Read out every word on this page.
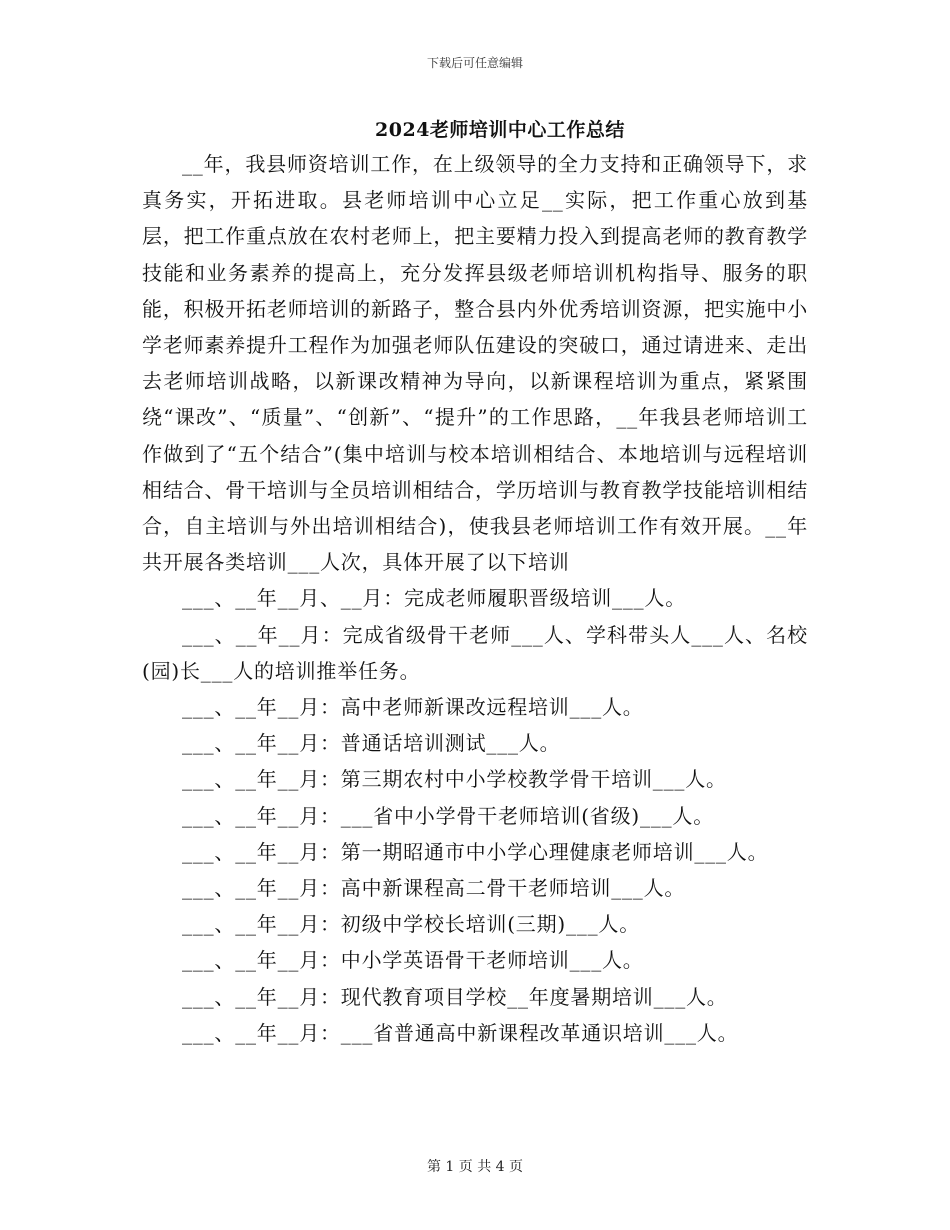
下载后可任意编辑
2024老师培训中心工作总结

__年，我县师资培训工作，在上级领导的全力支持和正确领导下，求真务实，开拓进取。县老师培训中心立足__实际，把工作重心放到基层，把工作重点放在农村老师上，把主要精力投入到提高老师的教育教学技能和业务素养的提高上，充分发挥县级老师培训机构指导、服务的职能，积极开拓老师培训的新路子，整合县内外优秀培训资源，把实施中小学老师素养提升工程作为加强老师队伍建设的突破口，通过请进来、走出去老师培训战略，以新课改精神为导向，以新课程培训为重点，紧紧围绕“课改”、“质量”、“创新”、“提升”的工作思路，__年我县老师培训工作做到了“五个结合”(集中培训与校本培训相结合、本地培训与远程培训相结合、骨干培训与全员培训相结合，学历培训与教育教学技能培训相结合，自主培训与外出培训相结合)，使我县老师培训工作有效开展。__年共开展各类培训___人次，具体开展了以下培训

___、__年__月、__月：完成老师履职晋级培训___人。

___、__年__月：完成省级骨干老师___人、学科带头人___人、名校(园)长___人的培训推举任务。

___、__年__月：高中老师新课改远程培训___人。

___、__年__月：普通话培训测试___人。

___、__年__月：第三期农村中小学校教学骨干培训___人。

___、__年__月：___省中小学骨干老师培训(省级)___人。

___、__年__月：第一期昭通市中小学心理健康老师培训___人。

___、__年__月：高中新课程高二骨干老师培训___人。

___、__年__月：初级中学校长培训(三期)___人。

___、__年__月：中小学英语骨干老师培训___人。

___、__年__月：现代教育项目学校__年度暑期培训___人。

___、__年__月：___省普通高中新课程改革通识培训___人。

第 1 页 共 4 页
